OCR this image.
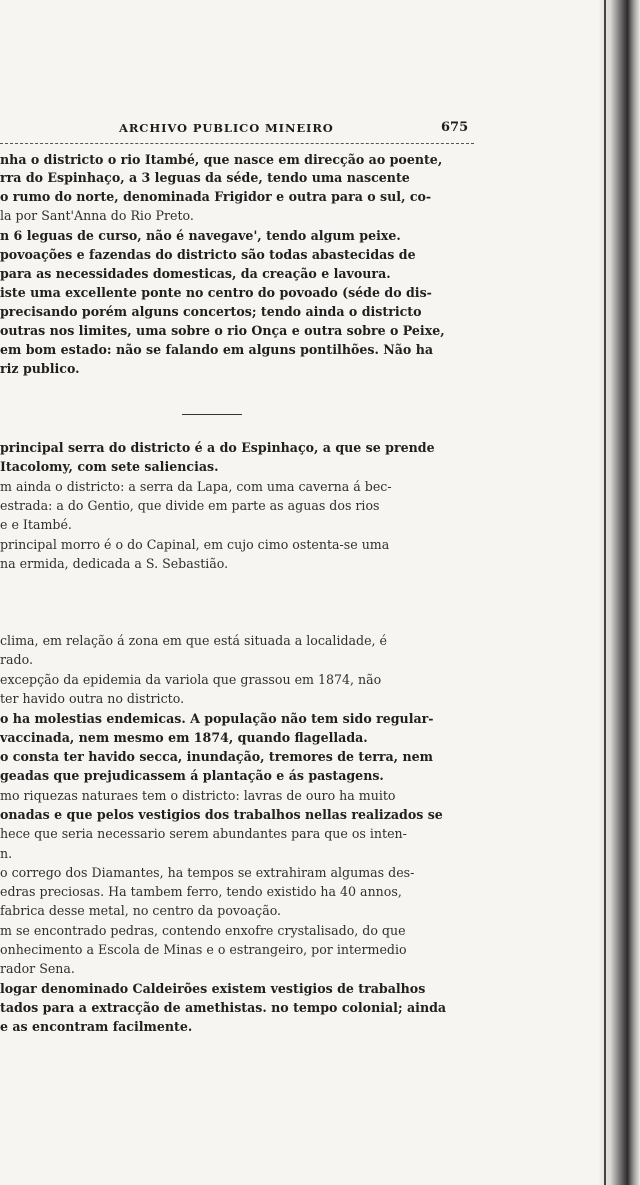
ARCHIVO PUBLICO MINEIRO	675
nha o districto o rio Itambé, que nasce em direcção ao poente,
rra do Espinhaço, a 3 leguas da séde, tendo uma nascente
o rumo do norte, denominada Frigidor e outra para o sul, co-
la por Sant'Anna do Rio Preto.
n 6 leguas de curso, não é navegave', tendo algum peixe.
povoações e fazendas do districto são todas abastecidas de
para as necessidades domesticas, da creação e lavoura.
iste uma excellente ponte no centro do povoado (séde do dis-
precisando porém alguns concertos; tendo ainda o districto
outras nos limites, uma sobre o rio Onça e outra sobre o Peixe,
em bom estado: não se falando em alguns pontilhões. Não ha
riz publico.
principal serra do districto é a do Espinhaço, a que se prende
Itacolomy, com sete saliencias.
m ainda o districto: a serra da Lapa, com uma caverna á bec-
estrada: a do Gentio, que divide em parte as aguas dos rios
e e Itambé.
principal morro é o do Capinal, em cujo cimo ostenta-se uma
na ermida, dedicada a S. Sebastião.
clima, em relação á zona em que está situada a localidade, é
rado.
excepção da epidemia da variola que grassou em 1874, não
ter havido outra no districto.
o ha molestias endemicas. A população não tem sido regular-
vaccinada, nem mesmo em 1874, quando flagellada.
o consta ter havido secca, inundação, tremores de terra, nem
geadas que prejudicassem á plantação e ás pastagens.
mo riquezas naturaes tem o districto: lavras de ouro ha muito
onadas e que pelos vestigios dos trabalhos nellas realizados se
hece que seria necessario serem abundantes para que os inten-
n.
o corrego dos Diamantes, ha tempos se extrahiram algumas des-
edras preciosas. Ha tambem ferro, tendo existido ha 40 annos,
fabrica desse metal, no centro da povoação.
m se encontrado pedras, contendo enxofre crystalisado, do que
onhecimento a Escola de Minas e o estrangeiro, por intermedio
rador Sena.
logar denominado Caldeirões existem vestigios de trabalhos
tados para a extracção de amethistas. no tempo colonial; ainda
e as encontram facilmente.
